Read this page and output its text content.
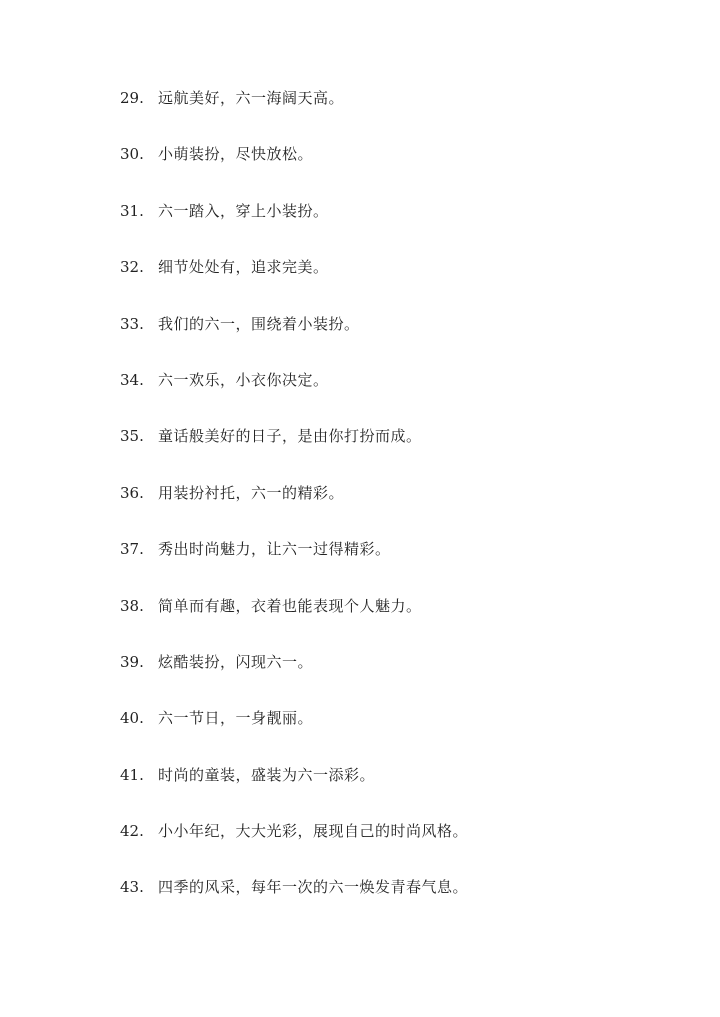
29. 远航美好，六一海阔天高。
30. 小萌装扮，尽快放松。
31. 六一踏入，穿上小装扮。
32. 细节处处有，追求完美。
33. 我们的六一，围绕着小装扮。
34. 六一欢乐，小衣你决定。
35. 童话般美好的日子，是由你打扮而成。
36. 用装扮衬托，六一的精彩。
37. 秀出时尚魅力，让六一过得精彩。
38. 简单而有趣，衣着也能表现个人魅力。
39. 炫酷装扮，闪现六一。
40. 六一节日，一身靓丽。
41. 时尚的童装，盛装为六一添彩。
42. 小小年纪，大大光彩，展现自己的时尚风格。
43. 四季的风采，每年一次的六一焕发青春气息。
